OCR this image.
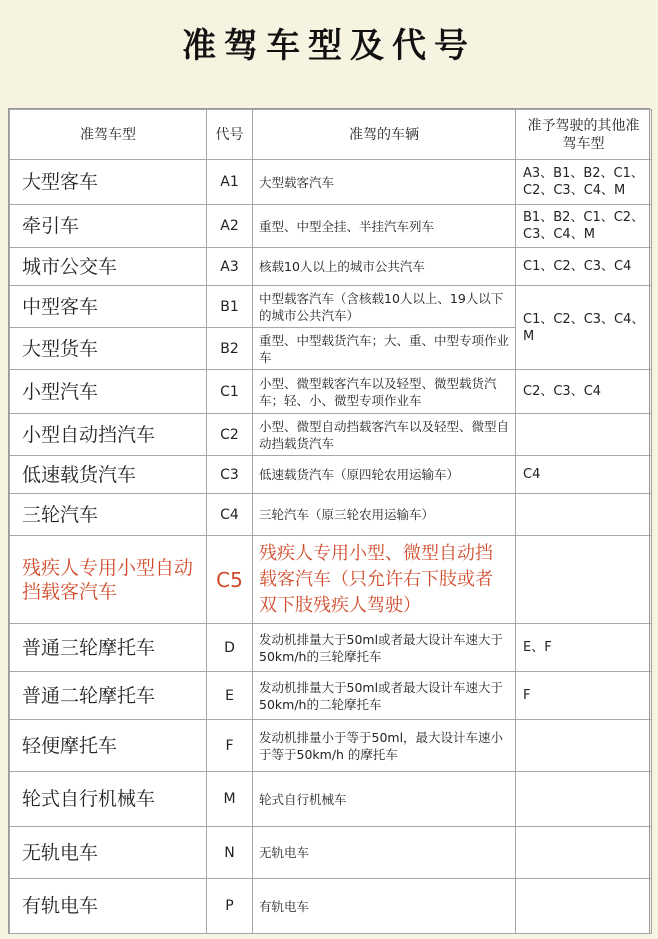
准驾车型及代号
准驾车型	代号	准驾的车辆	准予驾驶的其他准驾车型
大型客车	A1	大型载客汽车	A3、B1、B2、C1、C2、C3、C4、M
牵引车	A2	重型、中型全挂、半挂汽车列车	B1、B2、C1、C2、C3、C4、M
城市公交车	A3	核载10人以上的城市公共汽车	C1、C2、C3、C4
中型客车	B1	中型载客汽车（含核载10人以上、19人以下的城市公共汽车）	C1、C2、C3、C4、M
大型货车	B2	重型、中型载货汽车；大、重、中型专项作业车	
小型汽车	C1	小型、微型载客汽车以及轻型、微型载货汽车；轻、小、微型专项作业车	C2、C3、C4
小型自动挡汽车	C2	小型、微型自动挡载客汽车以及轻型、微型自动挡载货汽车	
低速载货汽车	C3	低速载货汽车（原四轮农用运输车）	C4
三轮汽车	C4	三轮汽车（原三轮农用运输车）	
残疾人专用小型自动挡载客汽车	C5	残疾人专用小型、微型自动挡载客汽车（只允许右下肢或者双下肢残疾人驾驶）	
普通三轮摩托车	D	发动机排量大于50ml或者最大设计车速大于50km/h的三轮摩托车	E、F
普通二轮摩托车	E	发动机排量大于50ml或者最大设计车速大于50km/h的二轮摩托车	F
轻便摩托车	F	发动机排量小于等于50ml，最大设计车速小于等于50km/h 的摩托车	
轮式自行机械车	M	轮式自行机械车	
无轨电车	N	无轨电车	
有轨电车	P	有轨电车	
